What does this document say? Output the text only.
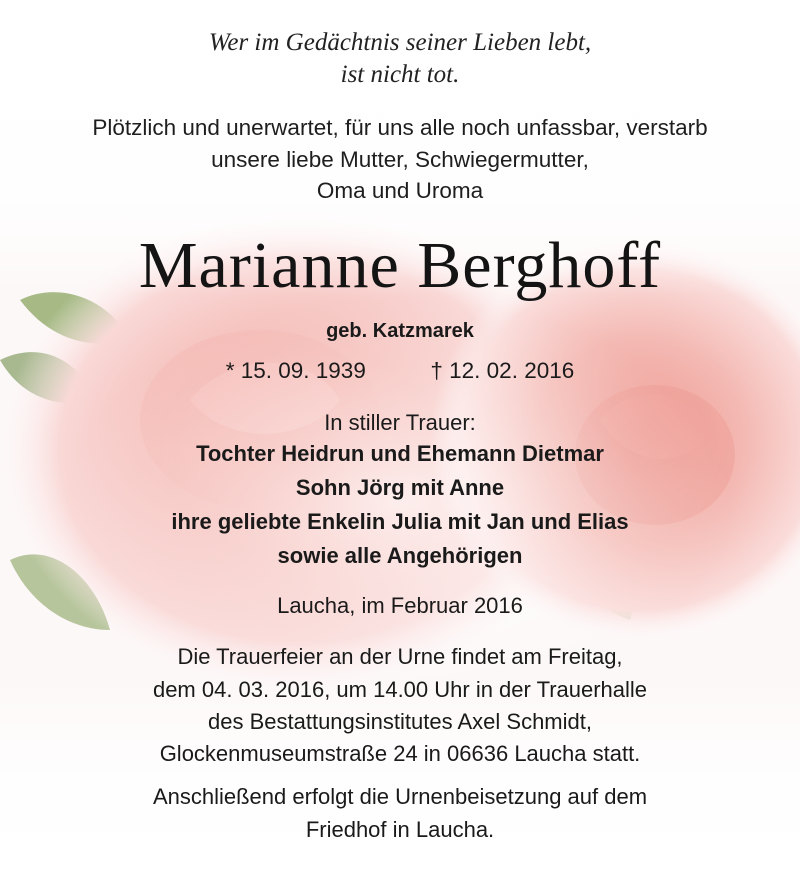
Wer im Gedächtnis seiner Lieben lebt,
ist nicht tot.
Plötzlich und unerwartet, für uns alle noch unfassbar, verstarb
unsere liebe Mutter, Schwiegermutter,
Oma und Uroma
Marianne Berghoff
geb. Katzmarek
* 15. 09. 1939	† 12. 02. 2016
In stiller Trauer:
Tochter Heidrun und Ehemann Dietmar
Sohn Jörg mit Anne
ihre geliebte Enkelin Julia mit Jan und Elias
sowie alle Angehörigen
Laucha, im Februar 2016
Die Trauerfeier an der Urne findet am Freitag,
dem 04. 03. 2016, um 14.00 Uhr in der Trauerhalle
des Bestattungsinstitutes Axel Schmidt,
Glockenmuseumstraße 24 in 06636 Laucha statt.
Anschließend erfolgt die Urnenbeisetzung auf dem
Friedhof in Laucha.
